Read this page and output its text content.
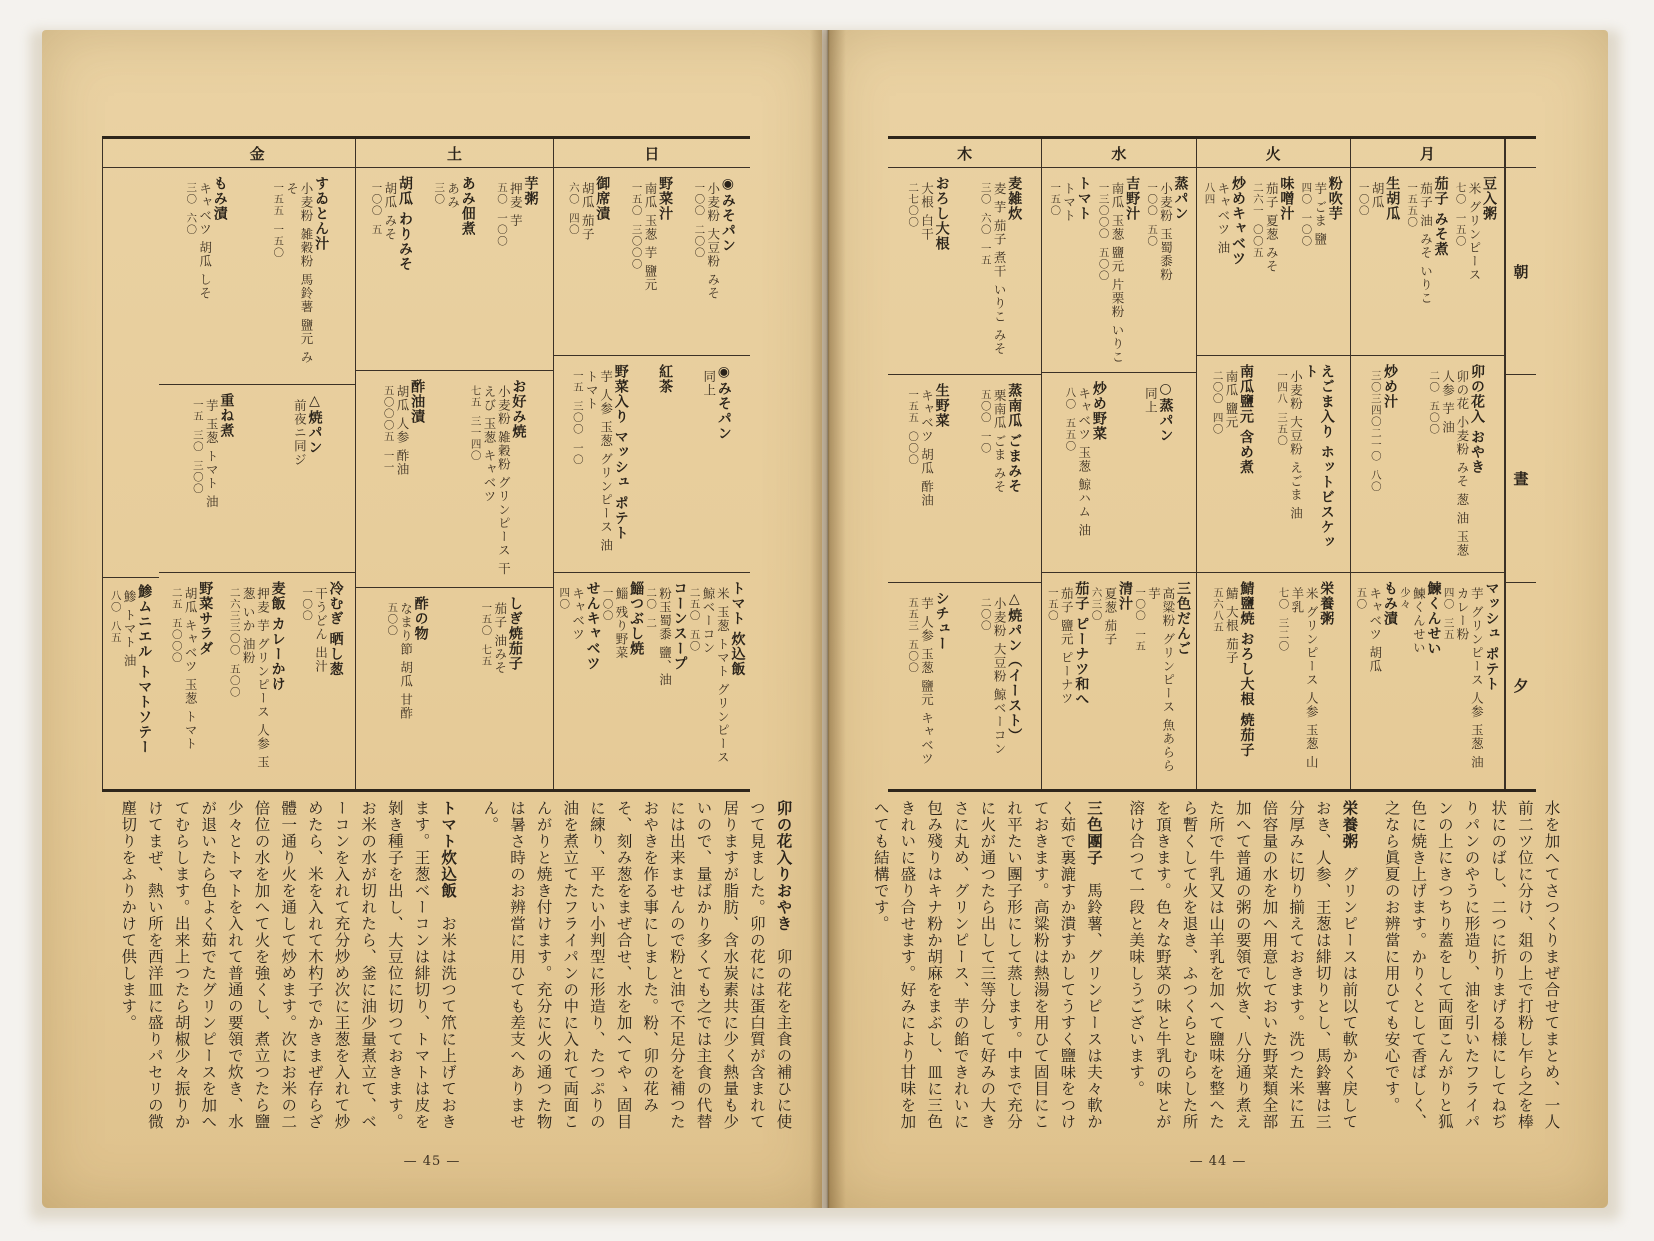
鯵ムニエル トマトソテー
鯵 トマト 油
八〇 八五
金
すゐとん汁
小麦粉 雑穀粉 馬鈴薯 鹽元 みそ
一五五 一五〇
もみ漬
キャベツ 胡瓜 しそ
三〇 六〇
△焼パン
前夜ニ同ジ
重ね煮
芋 玉葱 トマト 油
一五 三〇 三〇〇
冷むぎ 晒し葱
干うどん 出汁
一〇〇
麦飯 カレーかけ
押麦 芋 グリンピース 人参 玉葱 いか 油粉
二六三三〇〇 五〇〇
野菜サラダ
胡瓜 キャベツ 玉葱 トマト
二五 五〇〇〇
土
芋粥
押麦 芋
五〇 一〇〇
あみ佃煮
あみ
三〇
胡瓜 わりみそ
胡瓜 みそ
一〇〇 五
お好み焼
小麦粉 雑穀粉 グリンピース 干えび 玉葱 キャベツ
七五 三一四〇
酢油漬
胡瓜 人参 酢油
五〇〇〇五 一一
しぎ焼茄子
茄子 油みそ
一五〇 七五
酢の物
なまり節 胡瓜 甘酢
五〇〇
日
◉みそパン
小麦粉 大豆粉 みそ
一〇〇 二〇〇
野菜汁
南瓜 玉葱 芋 鹽元
一五〇 三〇〇〇
御席漬
胡瓜 茄子
六〇 四〇
◉みそパン
同上
紅茶
野菜入り マッシュ ポテト
芋 人参 玉葱 グリンピース 油 トマト
一五 三〇〇 一〇
トマト 炊込飯
米 玉葱 トマト グリンピース 鯨ベーコン
二五〇 五〇
コーンスープ
粉玉蜀黍 鹽、油
二〇 二
鯔つぶし焼
鯔 残り野菜
一〇〇
せんキャベツ
キャベツ
四〇

卯の花入りおやき　卯の花を主食の補ひに使つて見ました。卯の花には蛋白質が含まれて居りますが脂肪、含水炭素共に少く熱量も少いので、量ばかり多くても之では主食の代替には出来ませんので粉と油で不足分を補つたおやきを作る事にしました。粉、卯の花みそ、刻み葱をまぜ合せ、水を加へてやゝ固目に練り、平たい小判型に形造り、たつぷりの油を煮立てたフライパンの中に入れて両面こんがりと焼き付けます。充分に火の通つた物は暑さ時のお辨當に用ひても差支へありません。

トマト炊込飯　お米は洗つて笊に上げておきます。王葱ベーコンは緋切り、トマトは皮を剝き種子を出し、大豆位に切つておきます。お米の水が切れたら、釜に油少量煮立て、ベーコンを入れて充分炒め次に王葱を入れて炒めたら、米を入れて木杓子でかきまぜ存らざ體一通り火を通して炒めます。次にお米の二倍位の水を加へて火を強くし、煮立つたら鹽少々とトマトを入れて普通の要領で炊き、水が退いたら色よく茹でたグリンピースを加へてむらします。出来上つたら胡椒少々振りかけてまぜ、熱い所を西洋皿に盛りパセリの微塵切りをふりかけて供します。

— 45 —
木
麦雑炊
麦 芋 茄子 煮干 いりこ みそ
三〇 六〇 一五
おろし大根
大根 白干
二七〇〇
蒸南瓜 ごまみそ
栗南瓜 ごま みそ
五〇〇 一〇
生野菜
キャベツ 胡瓜 酢油
一五五 〇〇〇
△焼パン（イースト）
小麦粉 大豆粉 鯨ベーコン
二〇〇
シチュー
芋 人参 玉葱 鹽元 キャベツ
五五三 五〇〇
水
蒸パン
小麦粉 玉蜀黍粉
一〇〇 五〇
吉野汁
南瓜 玉葱 鹽元 片栗粉 いりこ
一三〇〇〇 五〇〇
トマト
トマト
一五〇
○蒸パン
同上
炒め野菜
キャベツ 玉葱 鯨ハム 油
八〇 五五〇
三色だんご
高粱粉 グリンピース 魚あらら 芋
一〇〇 一五
清汁
夏葱 茄子
六三〇
茄子 ピーナツ和へ
茄子 鹽元 ピーナツ
一五〇
火
粉吹芋
芋 ごま 鹽
四〇 一〇〇
味噌汁
茄子 夏葱 みそ
二六一 〇〇五
炒めキャベツ
キャベツ 油
八四
えごま入り ホットビスケット
小麦粉 大豆粉 えごま 油
一四八 三五〇
南瓜鹽元 含め煮
南瓜 鹽元
二〇〇 四〇
栄養粥
米 グリンピース 人参 玉葱 山羊乳
七〇 三二〇
鯖鹽焼 おろし大根 焼茄子
鯖 大根 茄子
五六八五
月
豆入粥
米 グリンピース
七〇 一五〇
茄子 みそ煮
茄子 油 みそ いりこ
一五五〇
生胡瓜
胡瓜
一〇〇
卯の花入 おやき
卯の花 小麦粉 みそ 葱 油 玉葱 人参 芋 油
二〇 五〇〇
炒め汁
三〇三四〇二一〇 八〇
マッシュ ポテト
芋 グリンピース 人参 玉葱 油 カレー粉
四〇 三五
鰊くんせい
鰊くんせい
少々
もみ漬
キャベツ 胡瓜
五〇
朝
晝
夕

水を加へてさつくりまぜ合せてまとめ、一人前二ツ位に分け、爼の上で打粉し乍ら之を棒状にのばし、二つに折りまげる様にしてねぢりパンのやうに形造り、油を引いたフライパンの上にきつちり蓋をして両面こんがりと狐色に焼き上げます。かりくとして香ばしく、之なら眞夏のお辨當に用ひても安心です。

栄養粥　グリンピースは前以て軟かく戻しておき、人参、王葱は緋切りとし、馬鈴薯は三分厚みに切り揃えておきます。洗つた米に五倍容量の水を加へ用意しておいた野菜類全部加へて普通の粥の要領で炊き、八分通り煮えた所で牛乳又は山羊乳を加へて鹽味を整へたら暫くして火を退き、ふつくらとむらした所を頂きます。色々な野菜の味と牛乳の味とが溶け合つて一段と美味しうございます。

三色團子　馬鈴薯、グリンピースは夫々軟かく茹で裏漉すか潰すかしてうすく鹽味をつけておきます。高粱粉は熱湯を用ひて固目にこれ平たい團子形にして蒸します。中まで充分に火が通つたら出して三等分して好みの大きさに丸め、グリンピース、芋の餡できれいに包み殘りはキナ粉か胡麻をまぶし、皿に三色きれいに盛り合せます。好みにより甘味を加へても結構です。

— 44 —
